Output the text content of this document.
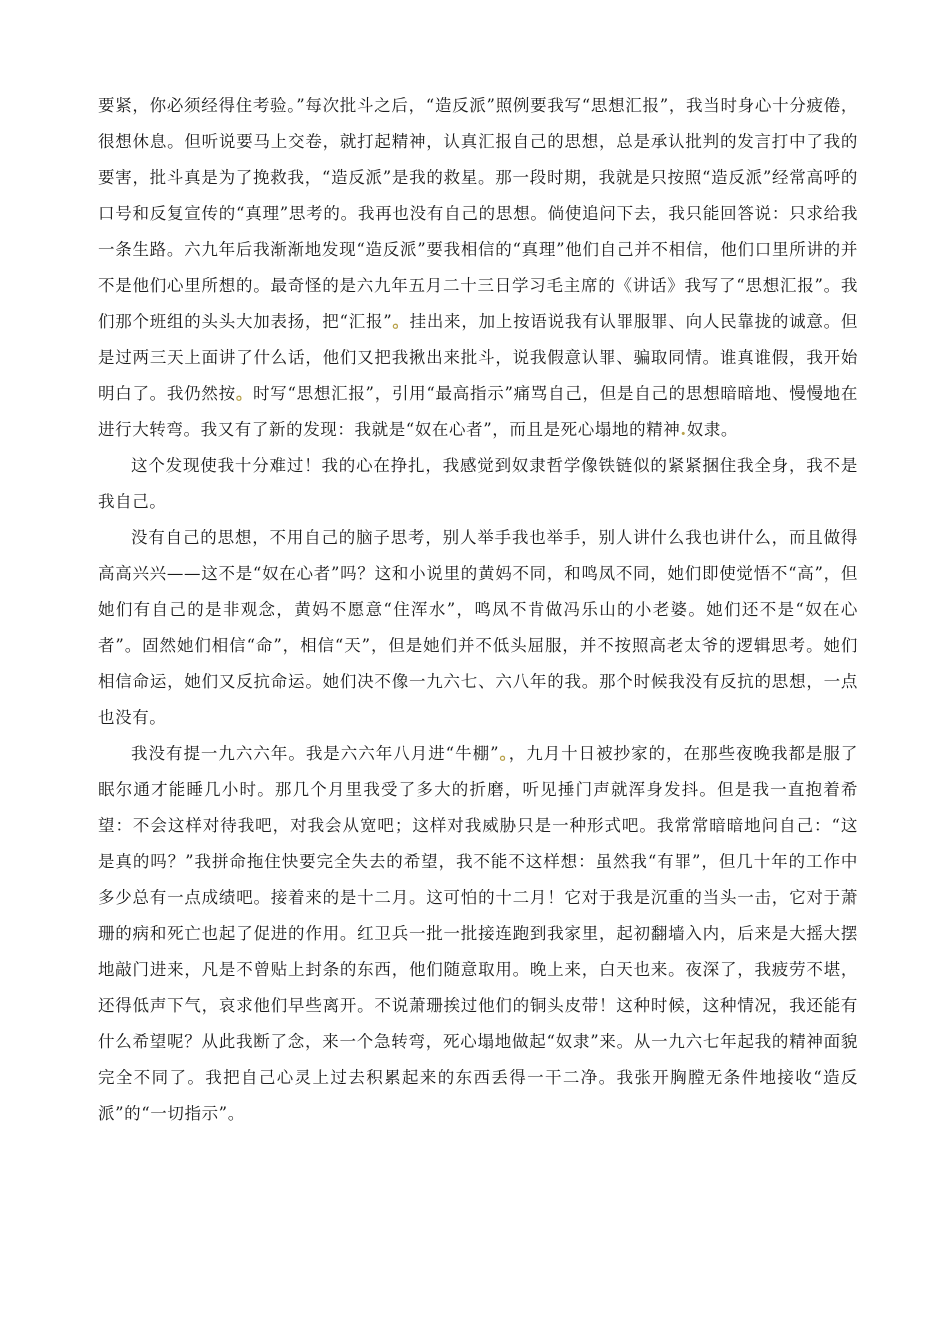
要紧，你必须经得住考验。”每次批斗之后，“造反派”照例要我写“思想汇报”，我当时身心十分疲倦，很想休息。但听说要马上交卷，就打起精神，认真汇报自己的思想，总是承认批判的发言打中了我的要害，批斗真是为了挽救我，“造反派”是我的救星。那一段时期，我就是只按照“造反派”经常高呼的口号和反复宣传的“真理”思考的。我再也没有自己的思想。倘使追问下去，我只能回答说：只求给我一条生路。六九年后我渐渐地发现“造反派”要我相信的“真理”他们自己并不相信，他们口里所讲的并不是他们心里所想的。最奇怪的是六九年五月二十三日学习毛主席的《讲话》我写了“思想汇报”。我们那个班组的头头大加表扬，把“汇报”。挂出来，加上按语说我有认罪服罪、向人民靠拢的诚意。但是过两三天上面讲了什么话，他们又把我揪出来批斗，说我假意认罪、骗取同情。谁真谁假，我开始明白了。我仍然按。时写“思想汇报”，引用“最高指示”痛骂自己，但是自己的思想暗暗地、慢慢地在进行大转弯。我又有了新的发现：我就是“奴在心者”，而且是死心塌地的精神.奴隶。

这个发现使我十分难过！我的心在挣扎，我感觉到奴隶哲学像铁链似的紧紧捆住我全身，我不是我自己。

没有自己的思想，不用自己的脑子思考，别人举手我也举手，别人讲什么我也讲什么，而且做得高高兴兴——这不是“奴在心者”吗？这和小说里的黄妈不同，和鸣凤不同，她们即使觉悟不“高”，但她们有自己的是非观念，黄妈不愿意“住浑水”，鸣凤不肯做冯乐山的小老婆。她们还不是“奴在心者”。固然她们相信“命”，相信“天”，但是她们并不低头屈服，并不按照高老太爷的逻辑思考。她们相信命运，她们又反抗命运。她们决不像一九六七、六八年的我。那个时候我没有反抗的思想，一点也没有。

我没有提一九六六年。我是六六年八月进“牛棚”。，九月十日被抄家的，在那些夜晚我都是服了眠尔通才能睡几小时。那几个月里我受了多大的折磨，听见捶门声就浑身发抖。但是我一直抱着希望：不会这样对待我吧，对我会从宽吧；这样对我威胁只是一种形式吧。我常常暗暗地问自己：“这是真的吗？”我拼命拖住快要完全失去的希望，我不能不这样想：虽然我“有罪”，但几十年的工作中多少总有一点成绩吧。接着来的是十二月。这可怕的十二月！它对于我是沉重的当头一击，它对于萧珊的病和死亡也起了促进的作用。红卫兵一批一批接连跑到我家里，起初翻墙入内，后来是大摇大摆地敲门进来，凡是不曾贴上封条的东西，他们随意取用。晚上来，白天也来。夜深了，我疲劳不堪，还得低声下气，哀求他们早些离开。不说萧珊挨过他们的铜头皮带！这种时候，这种情况，我还能有什么希望呢？从此我断了念，来一个急转弯，死心塌地做起“奴隶”来。从一九六七年起我的精神面貌完全不同了。我把自己心灵上过去积累起来的东西丢得一干二净。我张开胸膛无条件地接收“造反派”的“一切指示”。
